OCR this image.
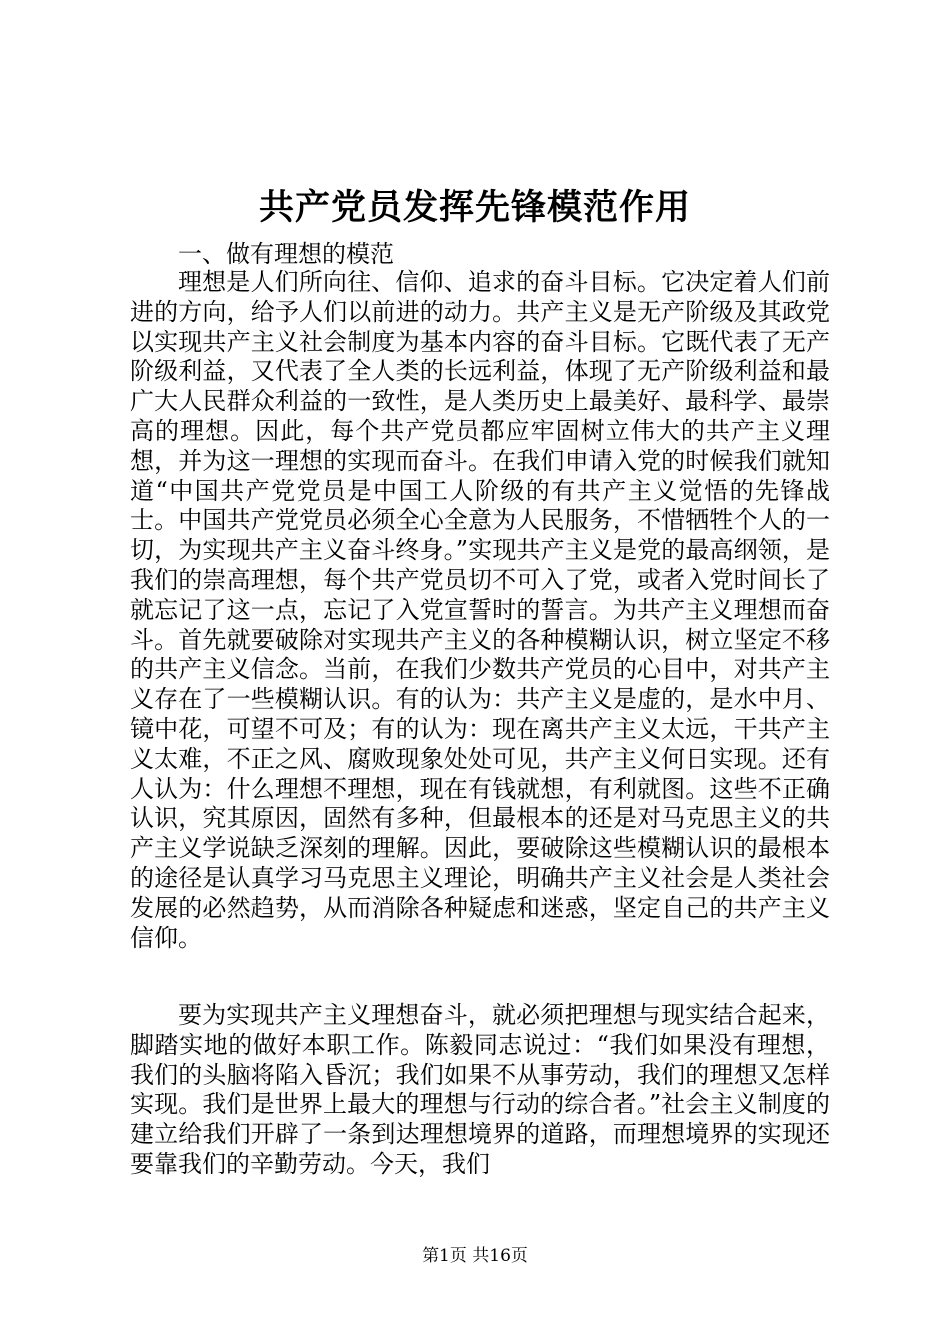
共产党员发挥先锋模范作用
一、做有理想的模范

理想是人们所向往、信仰、追求的奋斗目标。它决定着人们前进的方向，给予人们以前进的动力。共产主义是无产阶级及其政党以实现共产主义社会制度为基本内容的奋斗目标。它既代表了无产阶级利益，又代表了全人类的长远利益，体现了无产阶级利益和最广大人民群众利益的一致性，是人类历史上最美好、最科学、最崇高的理想。因此，每个共产党员都应牢固树立伟大的共产主义理想，并为这一理想的实现而奋斗。在我们申请入党的时候我们就知道“中国共产党党员是中国工人阶级的有共产主义觉悟的先锋战士。中国共产党党员必须全心全意为人民服务，不惜牺牲个人的一切，为实现共产主义奋斗终身。”实现共产主义是党的最高纲领，是我们的崇高理想，每个共产党员切不可入了党，或者入党时间长了就忘记了这一点，忘记了入党宣誓时的誓言。为共产主义理想而奋斗。首先就要破除对实现共产主义的各种模糊认识，树立坚定不移的共产主义信念。当前，在我们少数共产党员的心目中，对共产主义存在了一些模糊认识。有的认为：共产主义是虚的，是水中月、镜中花，可望不可及；有的认为：现在离共产主义太远，干共产主义太难，不正之风、腐败现象处处可见，共产主义何日实现。还有人认为：什么理想不理想，现在有钱就想，有利就图。这些不正确认识，究其原因，固然有多种，但最根本的还是对马克思主义的共产主义学说缺乏深刻的理解。因此，要破除这些模糊认识的最根本的途径是认真学习马克思主义理论，明确共产主义社会是人类社会发展的必然趋势，从而消除各种疑虑和迷惑，坚定自己的共产主义信仰。

要为实现共产主义理想奋斗，就必须把理想与现实结合起来，脚踏实地的做好本职工作。陈毅同志说过：“我们如果没有理想，我们的头脑将陷入昏沉；我们如果不从事劳动，我们的理想又怎样实现。我们是世界上最大的理想与行动的综合者。”社会主义制度的建立给我们开辟了一条到达理想境界的道路，而理想境界的实现还要靠我们的辛勤劳动。今天，我们

第1页 共16页
